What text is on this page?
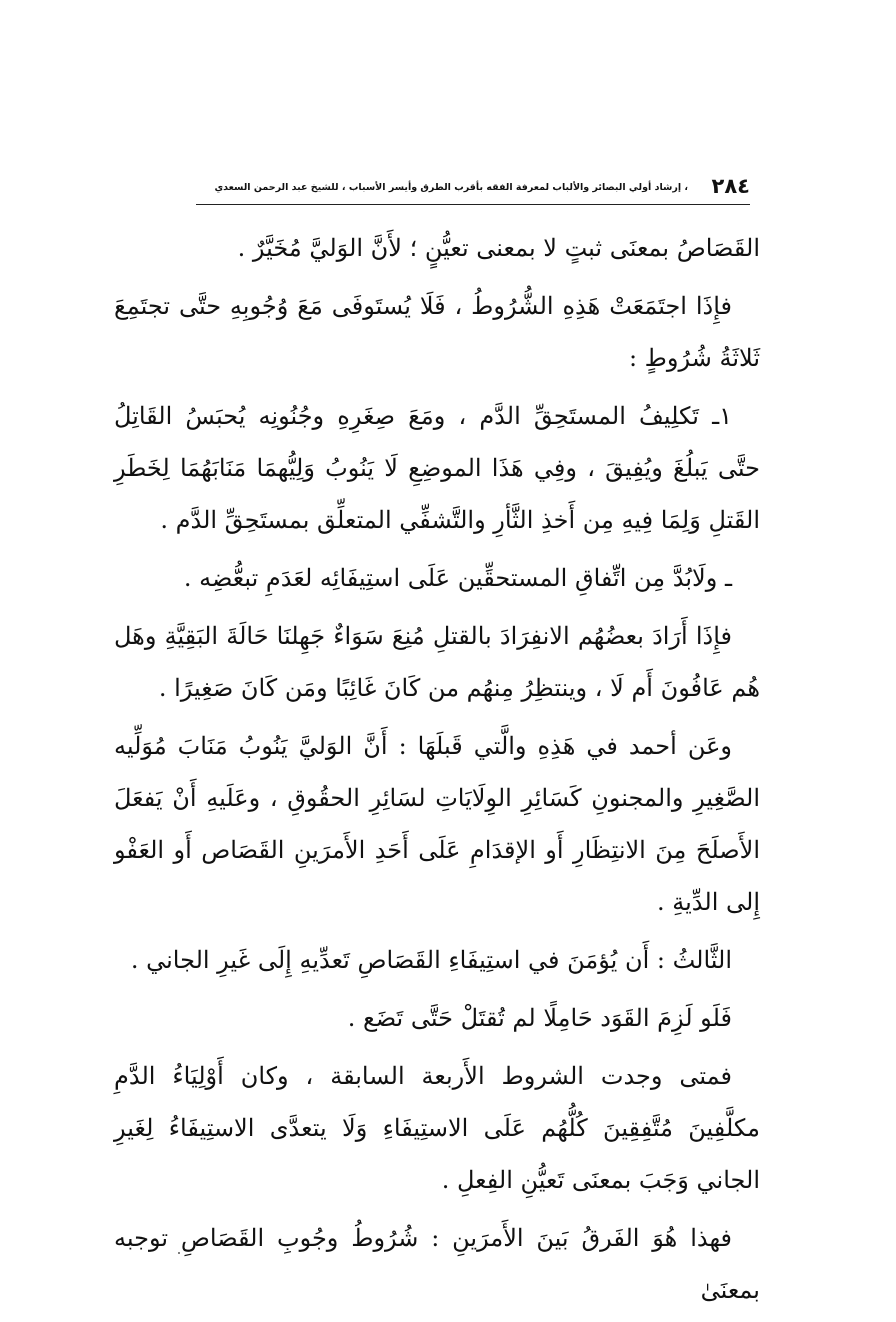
٢٨٤
، إرشاد أولي البصائر والألباب لمعرفة الفقه بأقرب الطرق وأيسر الأسباب ، للشيخ عبد الرحمن السعدي

القَصَاصُ بمعنَى ثبتٍ لا بمعنى تعيُّنٍ ؛ لأَنَّ الوَليَّ مُخَيَّرٌ .

فإِذَا اجتَمَعَتْ هَذِهِ الشُّرُوطُ ، فَلَا يُستَوفَى مَعَ وُجُوبِهِ حتَّى تجتَمِعَ ثَلاثَةُ شُرُوطٍ :

١ـ تَكلِيفُ المستَحِقِّ الدَّم ، ومَعَ صِغَرِهِ وجُنُونِه يُحبَسُ القَاتِلُ حتَّى يَبلُغَ ويُفِيقَ ، وفِي هَذَا الموضِعِ لَا يَنُوبُ وَلِيُّهمَا مَنَابَهُمَا لِخَطَرِ القَتلِ وَلِمَا فِيهِ مِن أَخذِ الثَّأرِ والتَّشفِّي المتعلِّق بمستَحِقِّ الدَّم .

ـ ولَابُدَّ مِن اتِّفاقِ المستحقِّين عَلَى استِيفَائِه لعَدَمِ تبعُّضِه .

فإِذَا أَرَادَ بعضُهُم الانفِرَادَ بالقتلِ مُنِعَ سَوَاءٌ جَهِلنَا حَالَةَ البَقِيَّةِ وهَل هُم عَافُونَ أَم لَا ، وينتظِرُ مِنهُم من كَانَ غَائِبًا ومَن كَانَ صَغِيرًا .

وعَن أحمد في هَذِهِ والَّتي قَبلَهَا : أَنَّ الوَليَّ يَنُوبُ مَنَابَ مُوَلِّيه الصَّغِيرِ والمجنونِ كَسَائِرِ الوِلَايَاتِ لسَائِرِ الحقُوقِ ، وعَلَيهِ أَنْ يَفعَلَ الأَصلَحَ مِنَ الانتِظَارِ أَو الإقدَامِ عَلَى أَحَدِ الأَمرَينِ القَصَاص أَو العَفْو إِلى الدِّيةِ .

الثَّالثُ : أَن يُؤمَنَ في استِيفَاءِ القَصَاصِ تَعدِّيهِ إِلَى غَيرِ الجاني .

فَلَو لَزِمَ القَوَد حَامِلًا لم تُقتَلْ حَتَّى تَضَع .

فمتى وجدت الشروط الأَربعة السابقة ، وكان أَوْلِيَاءُ الدَّمِ مكلَّفِينَ مُتَّفِقِينَ كُلُّهُم عَلَى الاستِيفَاءِ وَلَا يتعدَّى الاستِيفَاءُ لِغَيرِ الجاني وَجَبَ بمعنَى تَعيُّنِ الفِعلِ .

فهذا هُوَ الفَرقُ بَينَ الأَمرَينِ : شُرُوطُ وجُوبِ القَصَاصِ توجبه بمعنَىٰ
